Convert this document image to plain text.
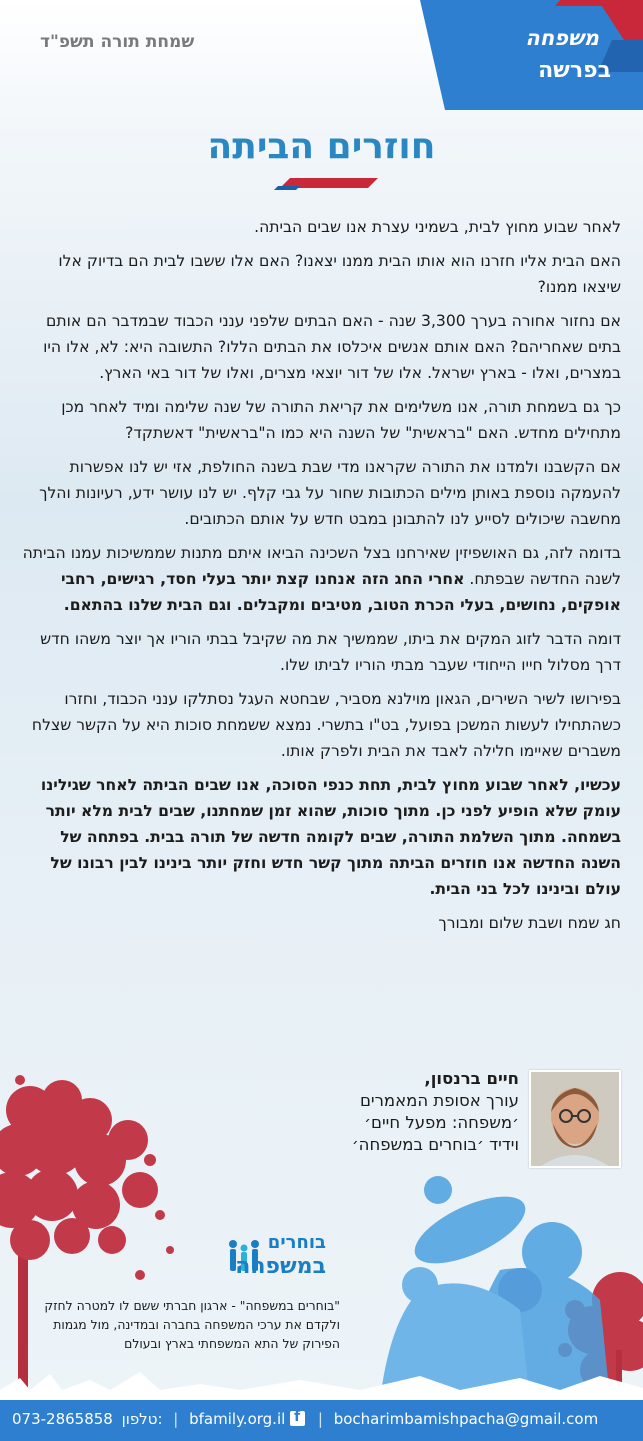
משפחה
בפרשה
שמחת תורה תשפ"ד
חוזרים הביתה

לאחר שבוע מחוץ לבית, בשמיני עצרת אנו שבים הביתה.

האם הבית אליו חזרנו הוא אותו הבית ממנו יצאנו? האם אלו ששבו לבית הם בדיוק אלו שיצאו ממנו?

אם נחזור אחורה בערך 3,300 שנה - האם הבתים שלפני ענני הכבוד שבמדבר הם אותם בתים שאחריהם? האם אותם אנשים איכלסו את הבתים הללו? התשובה היא: לא, אלו היו במצרים, ואלו - בארץ ישראל. אלו של דור יוצאי מצרים, ואלו של דור באי הארץ.

כך גם בשמחת תורה, אנו משלימים את קריאת התורה של שנה שלימה ומיד לאחר מכן מתחילים מחדש. האם "בראשית" של השנה היא כמו ה"בראשית" דאשתקד?

אם הקשבנו ולמדנו את התורה שקראנו מדי שבת בשנה החולפת, אזי יש לנו אפשרות להעמקה נוספת באותן מילים הכתובות שחור על גבי קלף. יש לנו עושר ידע, רעיונות והלך מחשבה שיכולים לסייע לנו להתבונן במבט חדש על אותם הכתובים.

בדומה לזה, גם האושפיזין שאירחנו בצל השכינה הביאו איתם מתנות שממשיכות עמנו הביתה לשנה החדשה שבפתח. אחרי החג הזה אנחנו קצת יותר בעלי חסד, רגישים, רחבי אופקים, נחושים, בעלי הכרת הטוב, מטיבים ומקבלים. וגם הבית שלנו בהתאם.

דומה הדבר לזוג המקים את ביתו, שממשיך את מה שקיבל בבתי הוריו אך יוצר משהו חדש דרך מסלול חייו הייחודי שעבר מבתי הוריו לביתו שלו.

בפירושו לשיר השירים, הגאון מוילנא מסביר, שבחטא העגל נסתלקו ענני הכבוד, וחזרו כשהתחילו לעשות המשכן בפועל, בט"ו בתשרי. נמצא ששמחת סוכות היא על הקשר שצלח משברים שאיימו חלילה לאבד את הבית ולפרק אותו.

עכשיו, לאחר שבוע מחוץ לבית, תחת כנפי הסוכה, אנו שבים הביתה לאחר שגילינו עומק שלא הופיע לפני כן. מתוך סוכות, שהוא זמן שמחתנו, שבים לבית מלא יותר בשמחה. מתוך השלמת התורה, שבים לקומה חדשה של תורה בבית. בפתחה של השנה החדשה אנו חוזרים הביתה מתוך קשר חדש וחזק יותר בינינו לבין רבונו של עולם ובינינו לכל בני הבית.

חג שמח ושבת שלום ומבורך

חיים ברנסון,
עורך אסופת המאמרים
׳משפחה: מפעל חיים׳
וידיד ׳בוחרים במשפחה׳
בוחרים
במשפחה
"בוחרים במשפחה" - ארגון חברתי ששם לו למטרה לחזק ולקדם את ערכי המשפחה בחברה ובמדינה, מול מגמות הפירוק של התא המשפחתי בארץ ובעולם
073-2865858 טלפון: | bfamily.org.il f | bocharimbamishpacha@gmail.com
